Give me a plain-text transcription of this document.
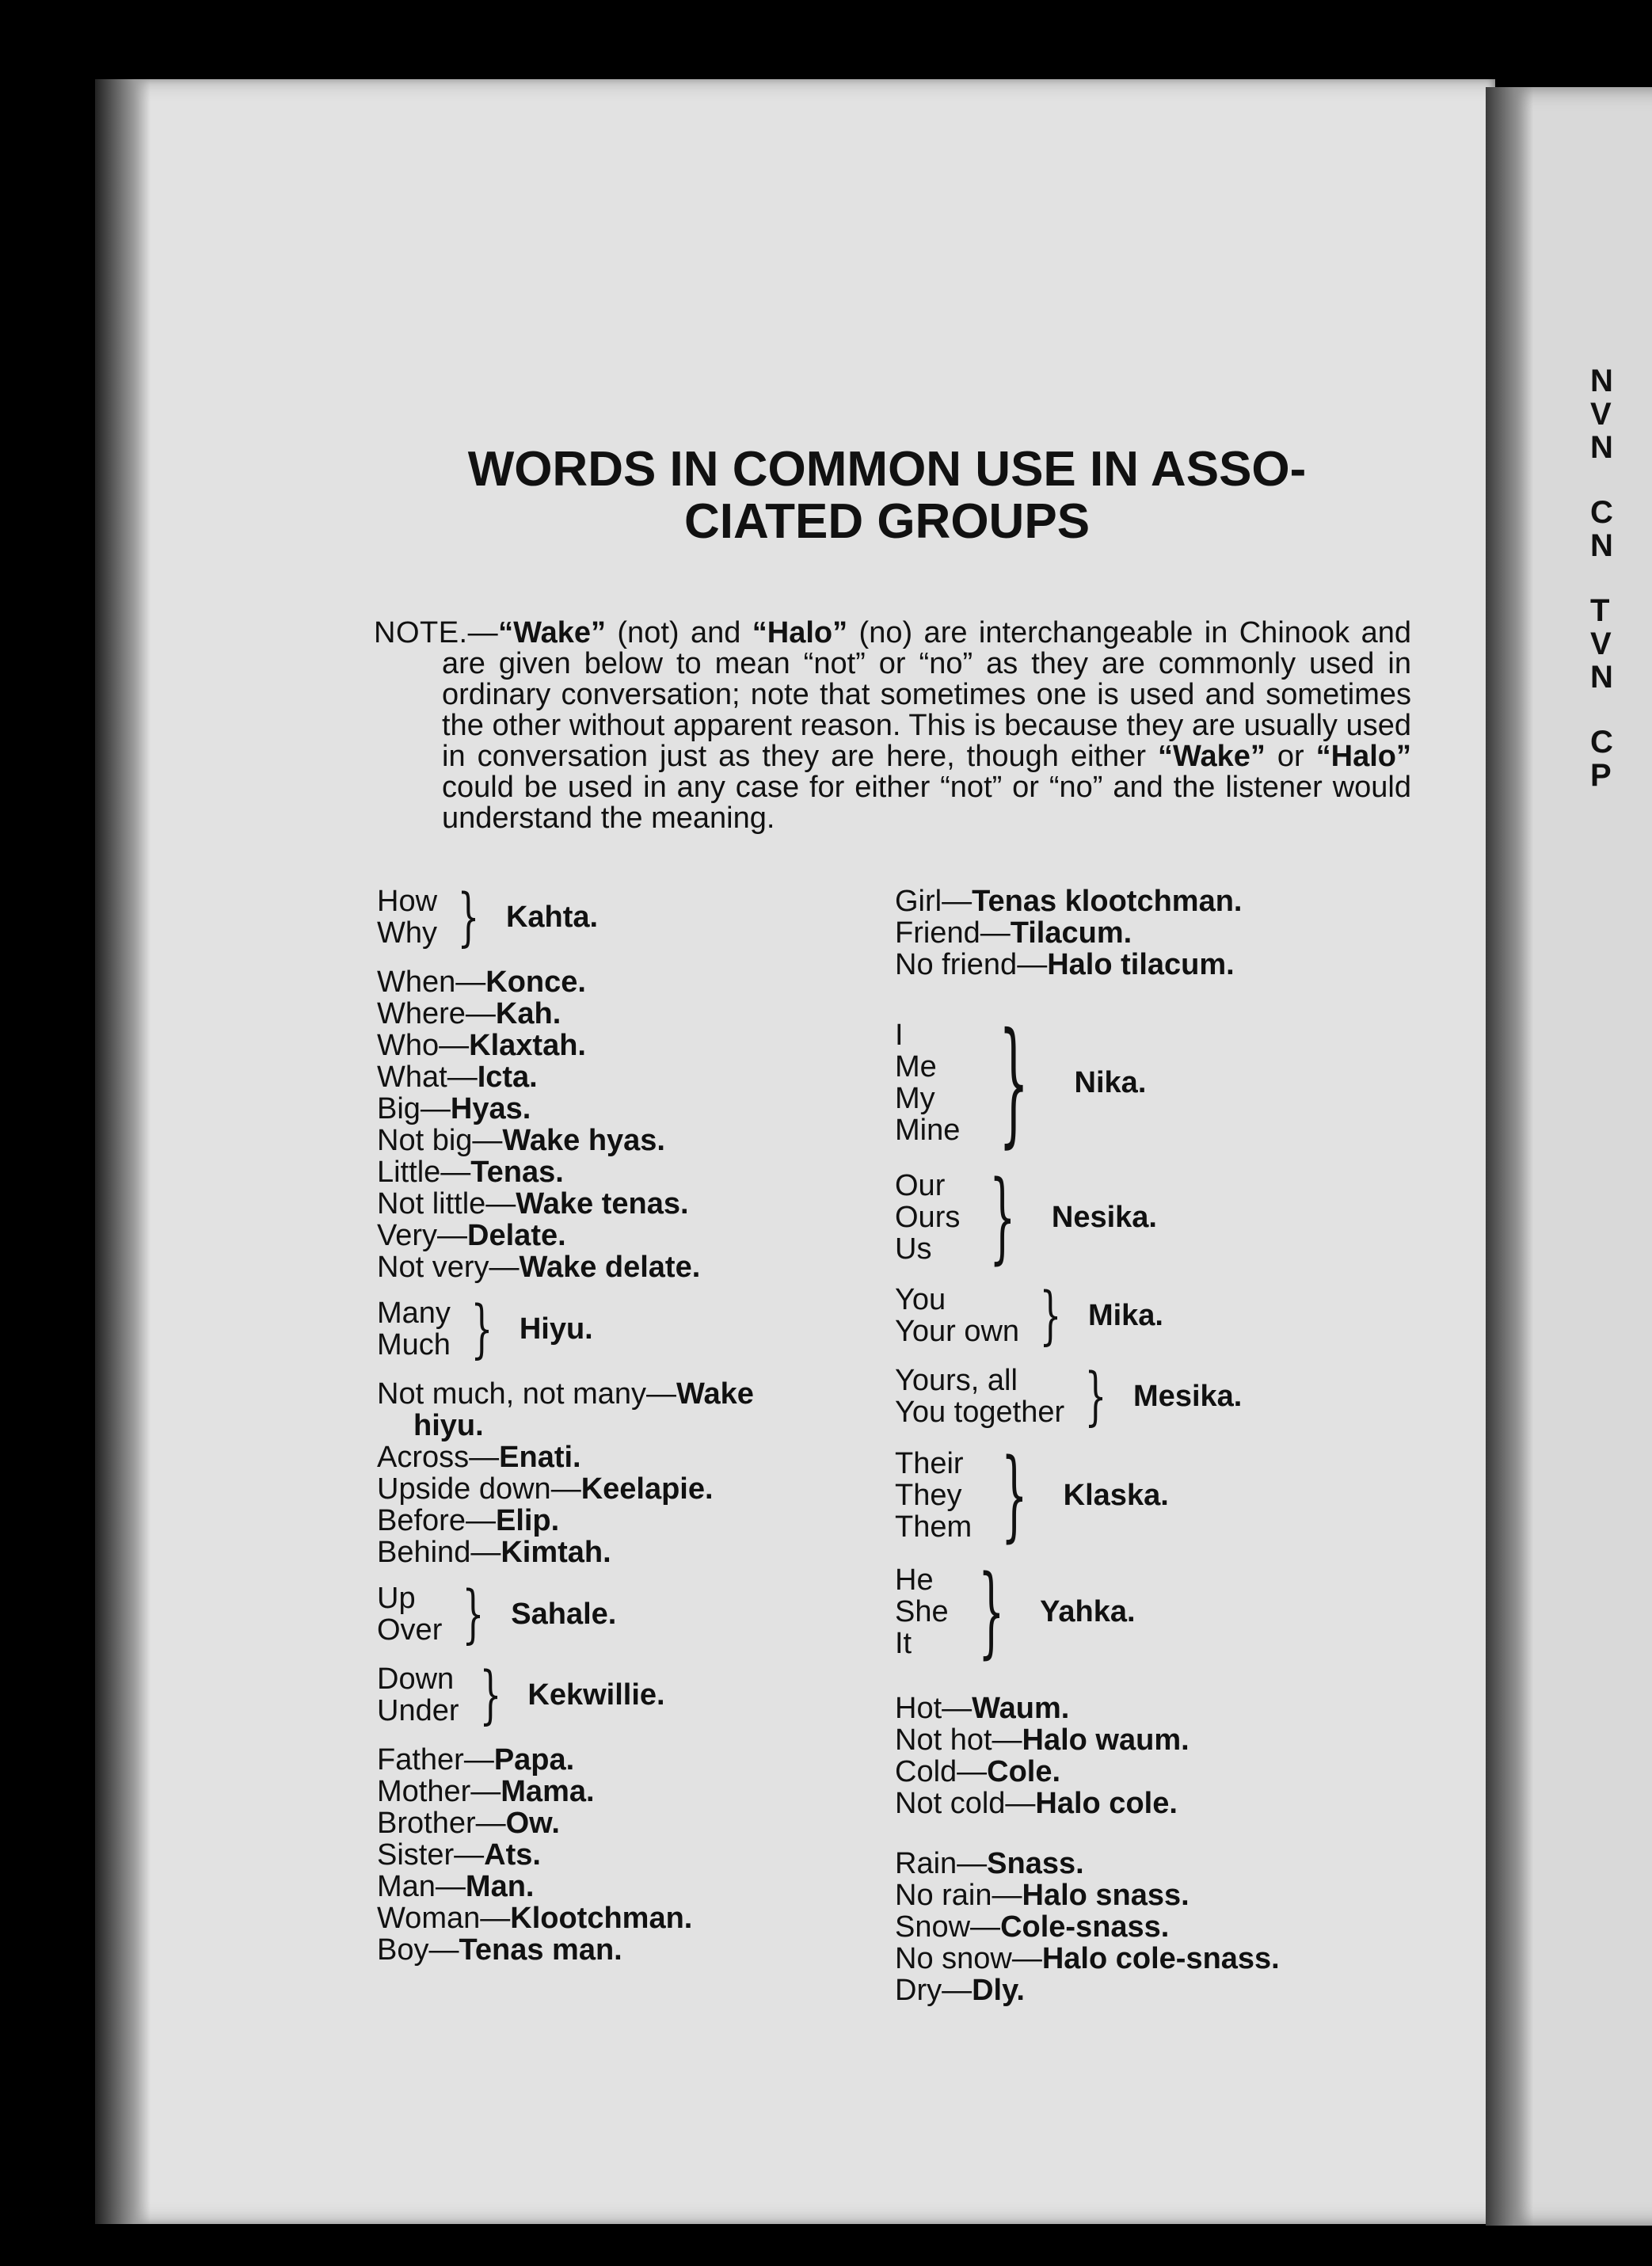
N
V
N
C
N
T
V
N
C
P
WORDS IN COMMON USE IN ASSO-
CIATED GROUPS
NOTE.—“Wake” (not) and “Halo” (no) are interchangeable in Chinook and are given below to mean “not” or “no” as they are commonly used in ordinary conversation; note that sometimes one is used and sometimes the other without apparent reason. This is because they are usually used in conversation just as they are here, though either “Wake” or “Halo” could be used in any case for either “not” or “no” and the listener would understand the meaning.
How
Why } Kahta.
When—Konce.
Where—Kah.
Who—Klaxtah.
What—Icta.
Big—Hyas.
Not big—Wake hyas.
Little—Tenas.
Not little—Wake tenas.
Very—Delate.
Not very—Wake delate.
Many
Much } Hiyu.
Not much, not many—Wake
hiyu.
Across—Enati.
Upside down—Keelapie.
Before—Elip.
Behind—Kimtah.
Up
Over } Sahale.
Down
Under } Kekwillie.
Father—Papa.
Mother—Mama.
Brother—Ow.
Sister—Ats.
Man—Man.
Woman—Klootchman.
Boy—Tenas man.
Girl—Tenas klootchman.
Friend—Tilacum.
No friend—Halo tilacum.
I
Me
My
Mine } Nika.
Our
Ours
Us } Nesika.
You
Your own } Mika.
Yours, all
You together } Mesika.
Their
They
Them } Klaska.
He
She
It } Yahka.
Hot—Waum.
Not hot—Halo waum.
Cold—Cole.
Not cold—Halo cole.
Rain—Snass.
No rain—Halo snass.
Snow—Cole-snass.
No snow—Halo cole-snass.
Dry—Dly.
